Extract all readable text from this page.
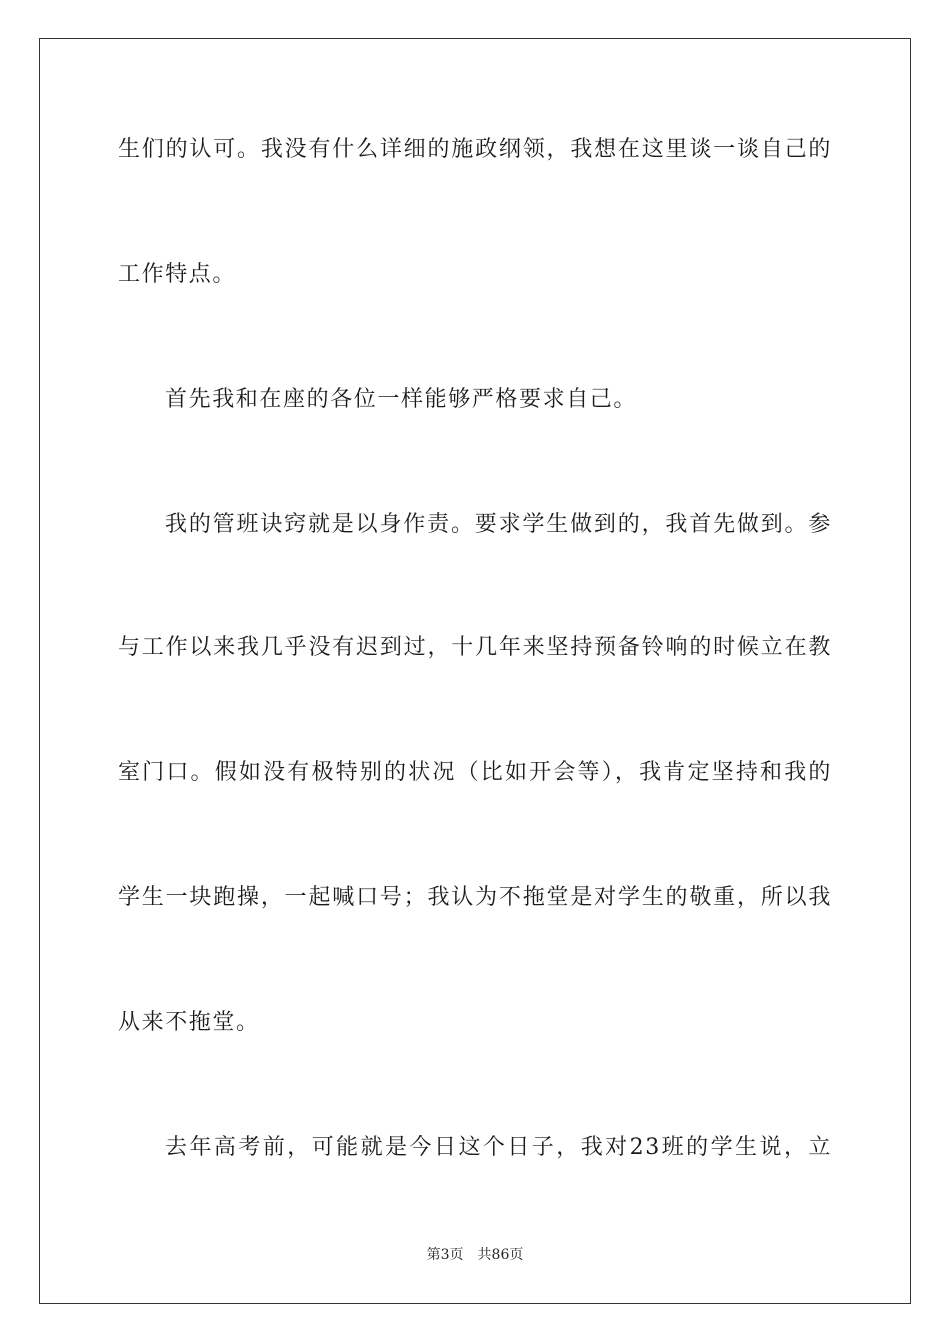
生们的认可。我没有什么详细的施政纲领，我想在这里谈一谈自己的
工作特点。
首先我和在座的各位一样能够严格要求自己。
我的管班诀窍就是以身作责。要求学生做到的，我首先做到。参
与工作以来我几乎没有迟到过，十几年来坚持预备铃响的时候立在教
室门口。假如没有极特别的状况（比如开会等），我肯定坚持和我的
学生一块跑操，一起喊口号；我认为不拖堂是对学生的敬重，所以我
从来不拖堂。
去年高考前，可能就是今日这个日子，我对23班的学生说，立
第3页 共86页
